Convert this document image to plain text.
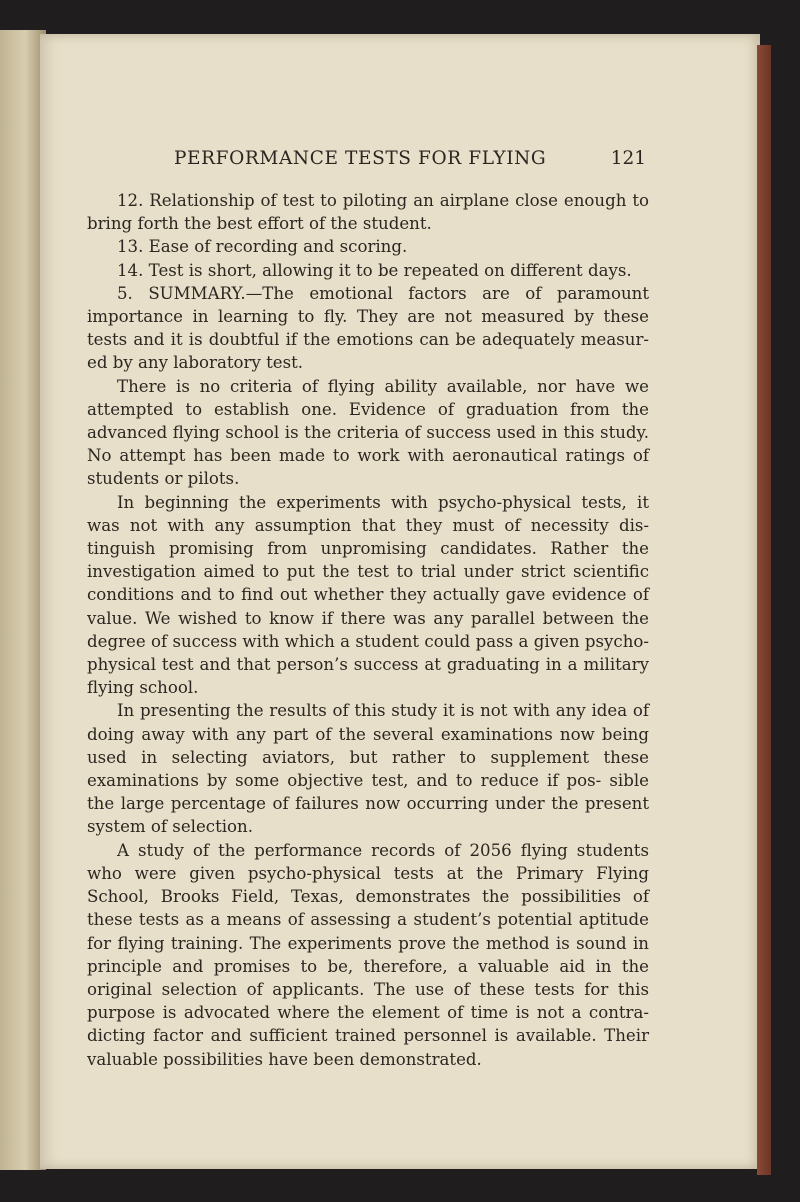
PERFORMANCE TESTS FOR FLYING	121

12. Relationship of test to piloting an airplane close enough to bring forth the best effort of the student.

13. Ease of recording and scoring.

14. Test is short, allowing it to be repeated on different days.

5. SUMMARY.—The emotional factors are of paramount importance in learning to fly. They are not measured by these tests and it is doubtful if the emotions can be adequately measur- ed by any laboratory test.

There is no criteria of flying ability available, nor have we attempted to establish one. Evidence of graduation from the advanced flying school is the criteria of success used in this study. No attempt has been made to work with aeronautical ratings of students or pilots.

In beginning the experiments with psycho-physical tests, it was not with any assumption that they must of necessity dis- tinguish promising from unpromising candidates. Rather the investigation aimed to put the test to trial under strict scientific conditions and to find out whether they actually gave evidence of value. We wished to know if there was any parallel between the degree of success with which a student could pass a given psycho-physical test and that person’s success at graduating in a military flying school.

In presenting the results of this study it is not with any idea of doing away with any part of the several examinations now being used in selecting aviators, but rather to supplement these examinations by some objective test, and to reduce if pos- sible the large percentage of failures now occurring under the present system of selection.

A study of the performance records of 2056 flying students who were given psycho-physical tests at the Primary Flying School, Brooks Field, Texas, demonstrates the possibilities of these tests as a means of assessing a student’s potential aptitude for flying training. The experiments prove the method is sound in principle and promises to be, therefore, a valuable aid in the original selection of applicants. The use of these tests for this purpose is advocated where the element of time is not a contra- dicting factor and sufficient trained personnel is available. Their valuable possibilities have been demonstrated.
